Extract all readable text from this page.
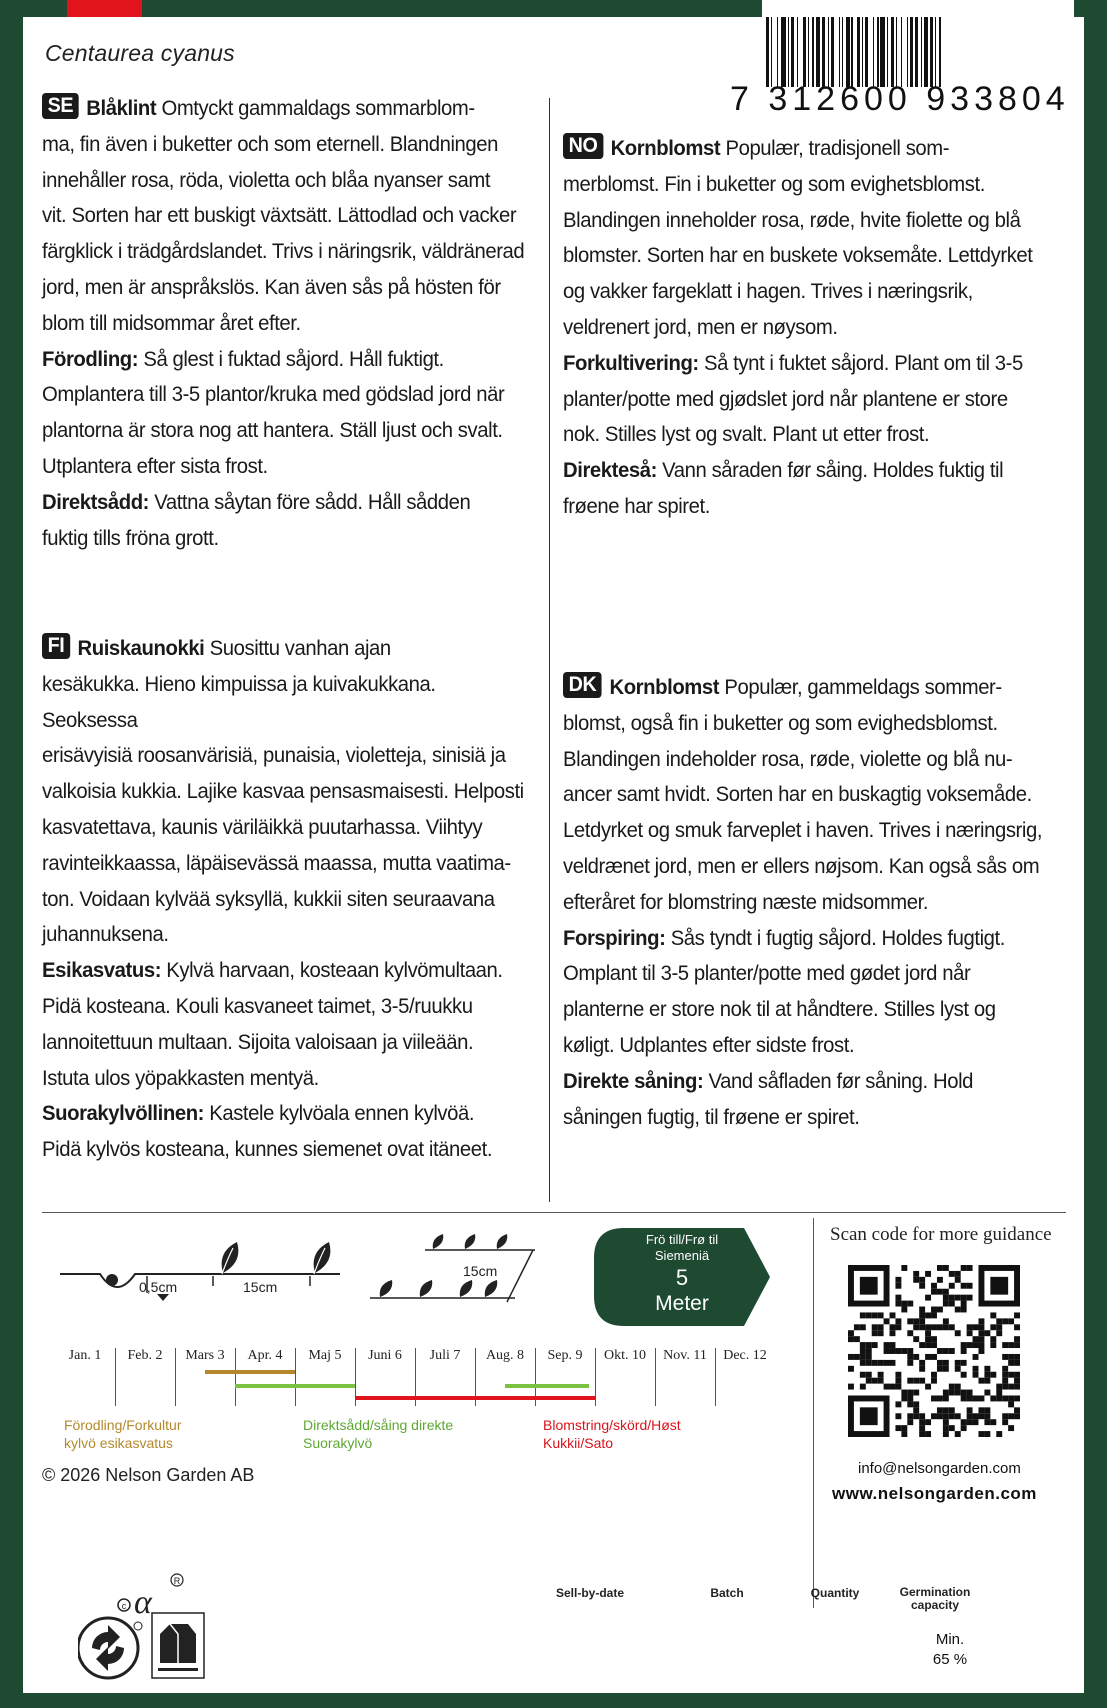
7 312600 933804
Centaurea cyanus
SE Blåklint Omtyckt gammaldags sommarblom-
ma, fin även i buketter och som eternell. Blandningen
innehåller rosa, röda, violetta och blåa nyanser samt
vit. Sorten har ett buskigt växtsätt. Lättodlad och vacker
färgklick i trädgårdslandet. Trivs i näringsrik, väldränerad
jord, men är anspråkslös. Kan även sås på hösten för
blom till midsommar året efter.
Förodling: Så glest i fuktad såjord. Håll fuktigt.
Omplantera till 3-5 plantor/kruka med gödslad jord när
plantorna är stora nog att hantera. Ställ ljust och svalt.
Utplantera efter sista frost.
Direktsådd: Vattna såytan före sådd. Håll sådden
fuktig tills fröna grott.
NO Kornblomst Populær, tradisjonell som-
merblomst. Fin i buketter og som evighetsblomst.
Blandingen inneholder rosa, røde, hvite fiolette og blå
blomster. Sorten har en buskete voksemåte. Lettdyrket
og vakker fargeklatt i hagen. Trives i næringsrik,
veldrenert jord, men er nøysom.
Forkultivering: Så tynt i fuktet såjord. Plant om til 3-5
planter/potte med gjødslet jord når plantene er store
nok. Stilles lyst og svalt. Plant ut etter frost.
Direkteså: Vann såraden før såing. Holdes fuktig til
frøene har spiret.
FI Ruiskaunokki Suosittu vanhan ajan
kesäkukka. Hieno kimpuissa ja kuivakukkana. Seoksessa
erisävyisiä roosanvärisiä, punaisia, violetteja, sinisiä ja
valkoisia kukkia. Lajike kasvaa pensasmaisesti. Helposti
kasvatettava, kaunis väriläikkä puutarhassa. Viihtyy
ravinteikkaassa, läpäisevässä maassa, mutta vaatima-
ton. Voidaan kylvää syksyllä, kukkii siten seuraavana
juhannuksena.
Esikasvatus: Kylvä harvaan, kosteaan kylvömultaan.
Pidä kosteana. Kouli kasvaneet taimet, 3-5/ruukku
lannoitettuun multaan. Sijoita valoisaan ja viileään.
Istuta ulos yöpakkasten mentyä.
Suorakylvöllinen: Kastele kylvöala ennen kylvöä.
Pidä kylvös kosteana, kunnes siemenet ovat itäneet.
DK Kornblomst Populær, gammeldags sommer-
blomst, også fin i buketter og som evighedsblomst.
Blandingen indeholder rosa, røde, violette og blå nu-
ancer samt hvidt. Sorten har en buskagtig voksemåde.
Letdyrket og smuk farveplet i haven. Trives i næringsrig,
veldrænet jord, men er ellers nøjsom. Kan også sås om
efteråret for blomstring næste midsommer.
Forspiring: Sås tyndt i fugtig såjord. Holdes fugtigt.
Omplant til 3-5 planter/potte med gødet jord når
planterne er store nok til at håndtere. Stilles lyst og
køligt. Udplantes efter sidste frost.
Direkte såning: Vand såfladen før såning. Hold
såningen fugtig, til frøene er spiret.
0,5cm	15cm
15cm
Frö till/Frø til
Siemeniä
5
Meter
Jan. 1	Feb. 2	Mars 3	Apr. 4	Maj 5	Juni 6	Juli 7	Aug. 8	Sep. 9	Okt. 10	Nov. 11	Dec. 12
Förodling/Forkultur
kylvö esikasvatus
Direktsådd/såing direkte
Suorakylvö
Blomstring/skörd/Høst
Kukkii/Sato
© 2026 Nelson Garden AB
Scan code for more guidance
info@nelsongarden.com
www.nelsongarden.com
Sell-by-date	Batch	Quantity	Germination
capacity
Min.
65 %
c α
R
